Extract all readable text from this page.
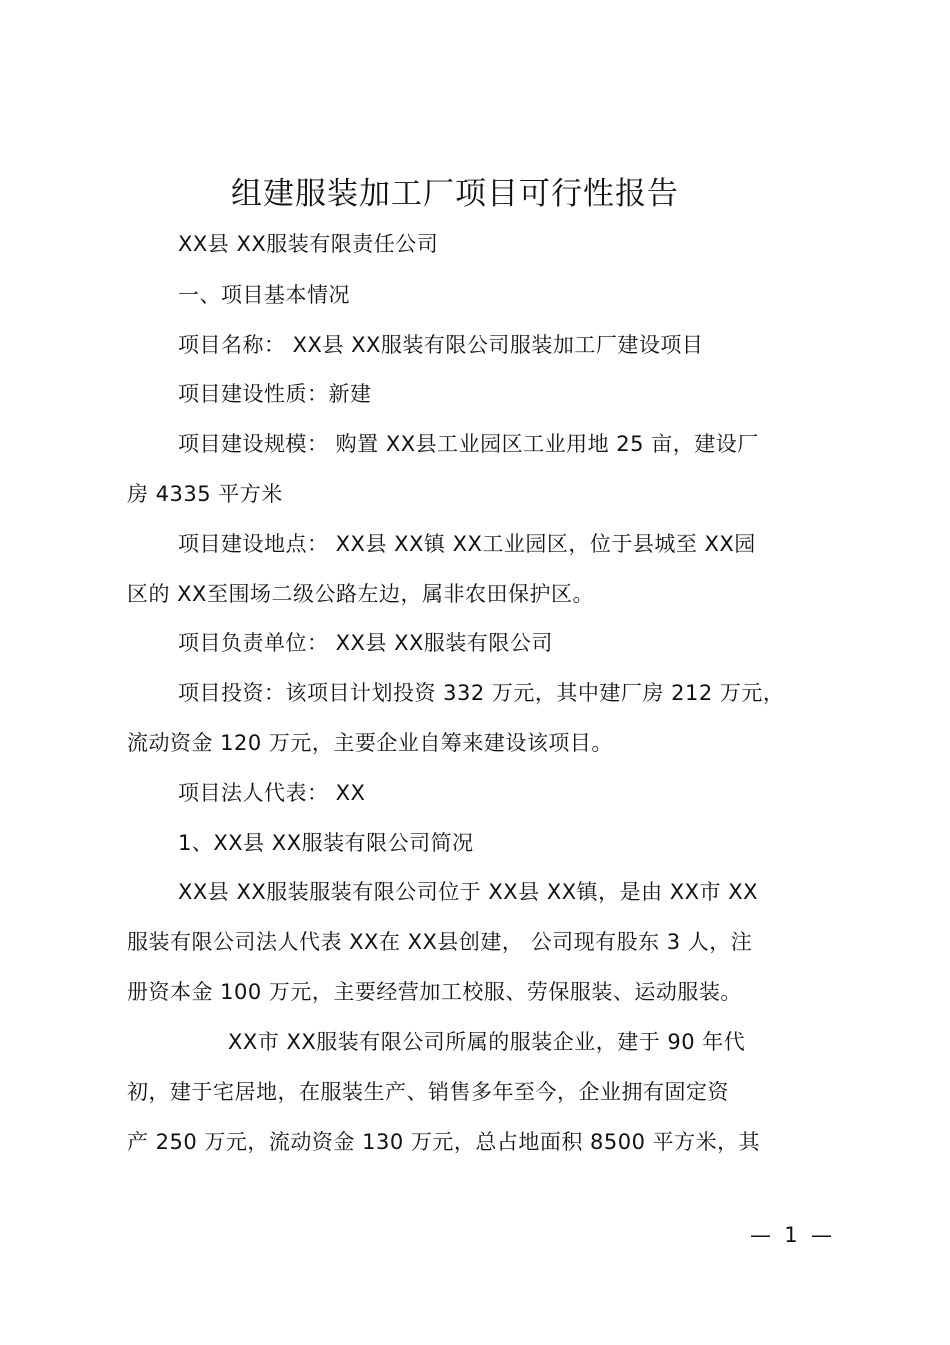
组建服装加工厂项目可行性报告
XX县 XX服装有限责任公司
一、项目基本情况
项目名称： XX县 XX服装有限公司服装加工厂建设项目
项目建设性质：新建
项目建设规模： 购置 XX县工业园区工业用地 25 亩，建设厂
房 4335 平方米
项目建设地点： XX县 XX镇 XX工业园区，位于县城至 XX园
区的 XX至围场二级公路左边，属非农田保护区。
项目负责单位： XX县 XX服装有限公司
项目投资：该项目计划投资 332 万元，其中建厂房 212 万元，
流动资金 120 万元，主要企业自筹来建设该项目。
项目法人代表： XX
1、XX县 XX服装有限公司简况
XX县 XX服装服装有限公司位于 XX县 XX镇，是由 XX市 XX
服装有限公司法人代表 XX在 XX县创建， 公司现有股东 3 人，注
册资本金 100 万元，主要经营加工校服、劳保服装、运动服装。
XX市 XX服装有限公司所属的服装企业，建于 90 年代
初，建于宅居地，在服装生产、销售多年至今，企业拥有固定资
产 250 万元，流动资金 130 万元，总占地面积 8500 平方米，其
—  1  —
